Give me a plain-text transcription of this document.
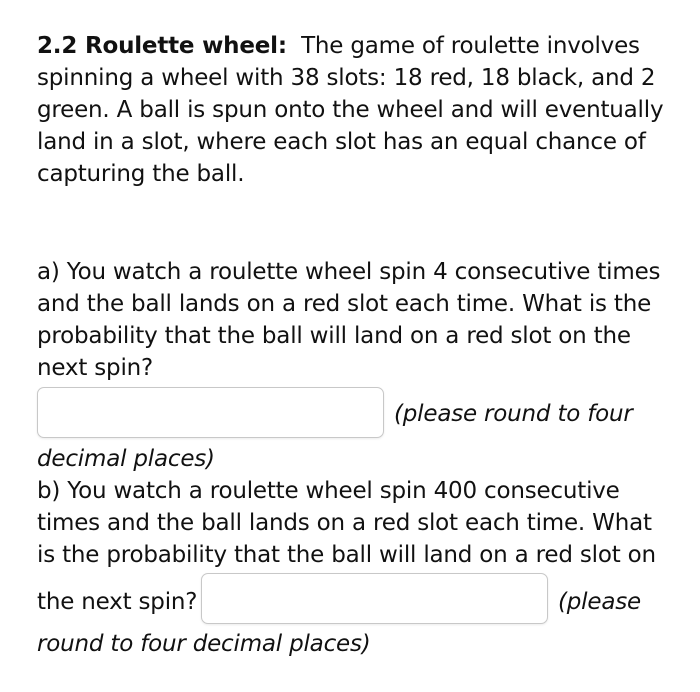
2.2 Roulette wheel: The game of roulette involves
spinning a wheel with 38 slots: 18 red, 18 black, and 2
green. A ball is spun onto the wheel and will eventually
land in a slot, where each slot has an equal chance of
capturing the ball.
a) You watch a roulette wheel spin 4 consecutive times
and the ball lands on a red slot each time. What is the
probability that the ball will land on a red slot on the
next spin?
(please round to four
decimal places)
b) You watch a roulette wheel spin 400 consecutive
times and the ball lands on a red slot each time. What
is the probability that the ball will land on a red slot on
the next spin?	(please
round to four decimal places)
